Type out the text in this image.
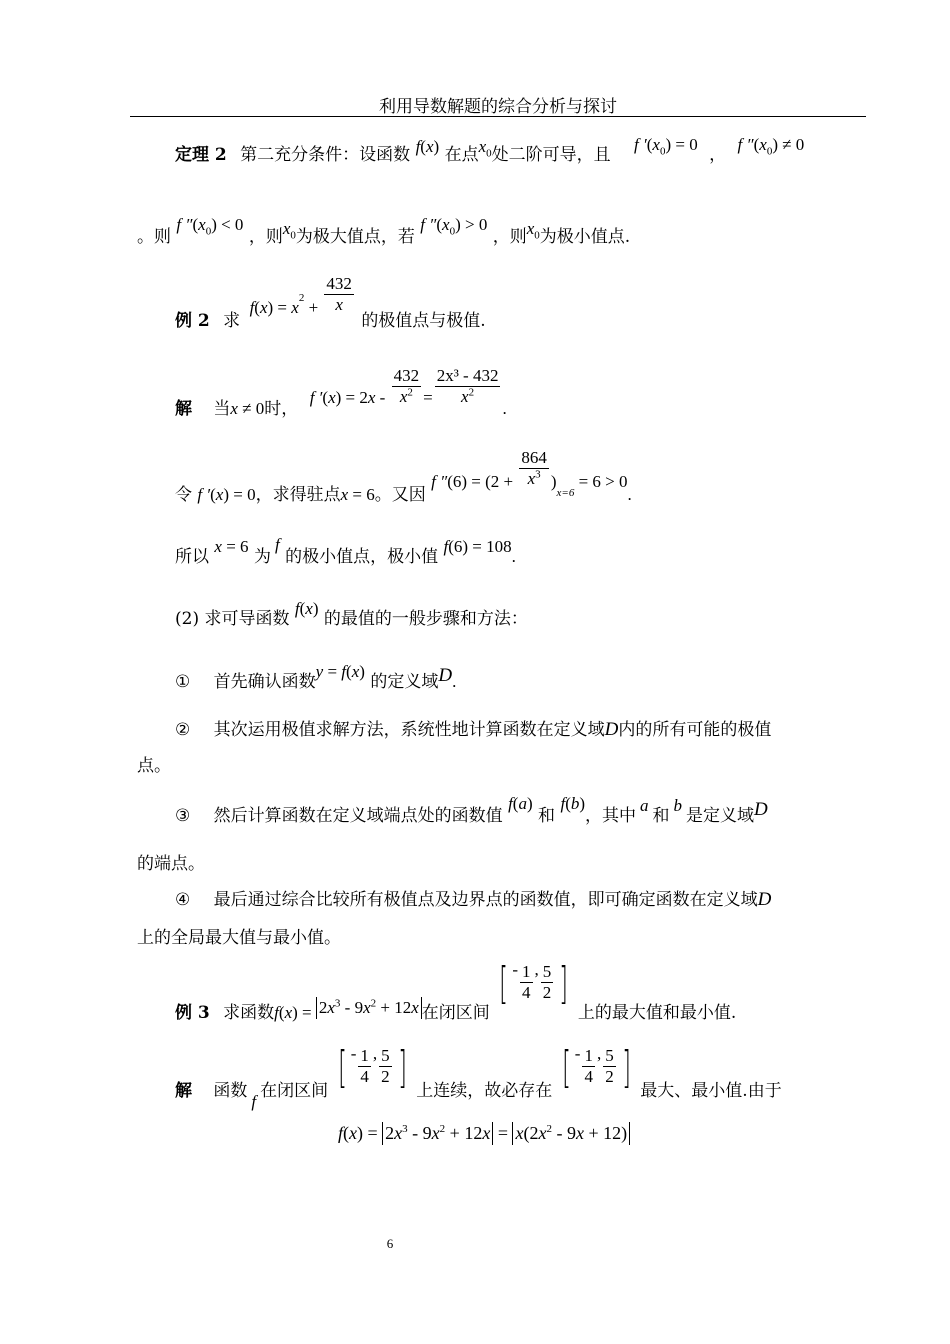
利用导数解题的综合分析与探讨
定理 2 第二充分条件：设函数 f(x) 在点$x_0$处二阶可导，且 f $'(x_0) = 0$ ， f $''(x_0) \ne 0$
。则 f $''(x_0) < 0$ ，则$x_0$为极大值点，若 f $''(x_0) > 0$ ，则$x_0$为极小值点.
例 2 求 $f(x) = x^2 + \frac{432}{x}$
的极值点与极值.
解 当x ≠ 0时， f $'(x) = 2x - \frac{432}{x^2} = \frac{\text{2x³ - 432}}{x^2}$
.
令 f ′(x) = 0，求得驻点x = 6。又因 f $''(6) = (2 + \frac{864}{x^3} )_{x=6} = 6 > 0$.
所以 x = 6 为f 的极小值点，极小值 f(6) = 108.
(2) 求可导函数 f(x) 的最值的一般步骤和方法：
① 首先确认函数y = f(x) 的定义域D.
② 其次运用极值求解方法，系统性地计算函数在定义域D内的所有可能的极值
点。
③ 然后计算函数在定义域端点处的函数值 f(a) 和 f(b)，其中a和b是定义域D
的端点。
④ 最后通过综合比较所有极值点及边界点的函数值，即可确定函数在定义域D
上的全局最大值与最小值。
例 3 求函数$f(x) = 2x^3 - 9x^2 + 12x$ 在闭区间 [ - $\frac{1}{4}$ , $\frac{5}{2}$ ] 上的最大值和最小值.
解 函数f在闭区间 [ - $\frac{1}{4}$ , $\frac{5}{2}$ ] 上连续，故必存在 [ - $\frac{1}{4}$ , $\frac{5}{2}$ ] 最大、最小值.由于
$f(x) = 2x^3 - 9x^2 + 12x = x(2x^2 - 9x + 12)$
6
